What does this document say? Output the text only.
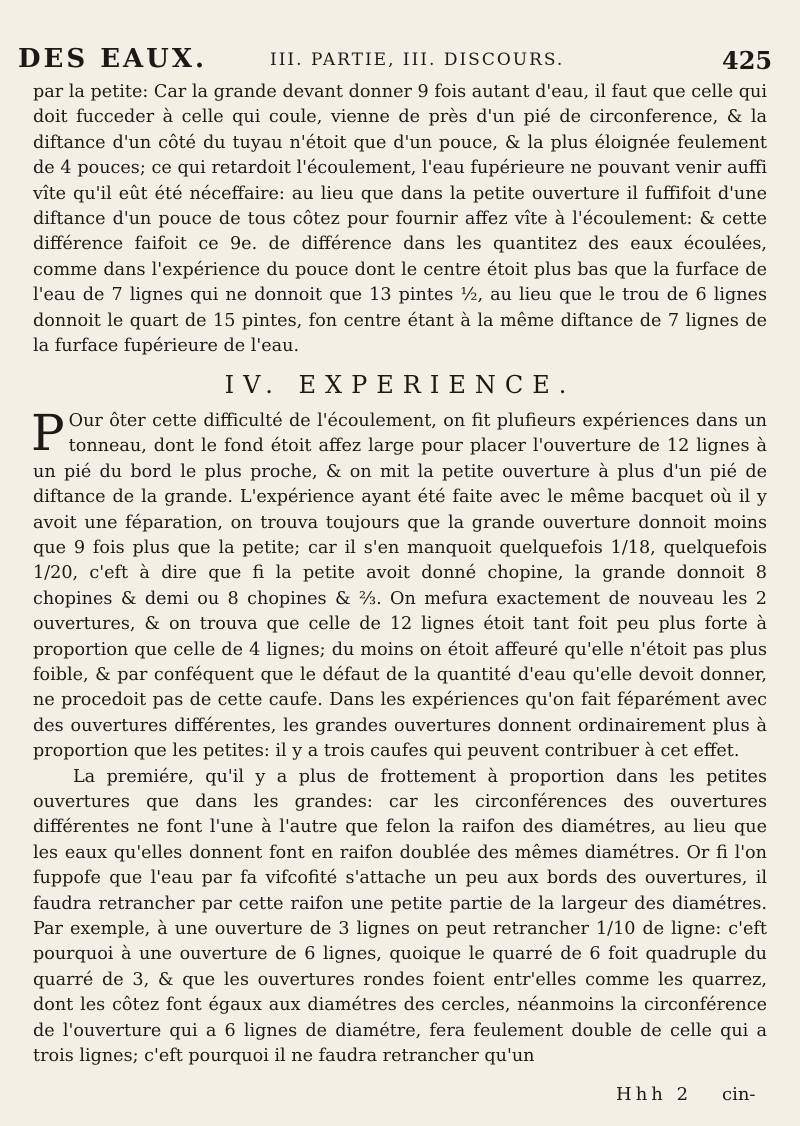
DES EAUX.	III. PARTIE, III. DISCOURS.	425

par la petite: Car la grande devant donner 9 fois autant d'eau, il faut que celle qui doit fucceder à celle qui coule, vienne de près d'un pié de circonference, & la diftance d'un côté du tuyau n'étoit que d'un pouce, & la plus éloignée feulement de 4 pouces; ce qui retardoit l'écoulement, l'eau fupérieure ne pouvant venir auffi vîte qu'il eût été néceffaire: au lieu que dans la petite ouverture il fuffifoit d'une diftance d'un pouce de tous côtez pour fournir affez vîte à l'écoulement: & cette différence faifoit ce 9e. de différence dans les quantitez des eaux écoulées, comme dans l'expérience du pouce dont le centre étoit plus bas que la furface de l'eau de 7 lignes qui ne donnoit que 13 pintes ½, au lieu que le trou de 6 lignes donnoit le quart de 15 pintes, fon centre étant à la même diftance de 7 lignes de la furface fupérieure de l'eau.

IV. EXPERIENCE.

POur ôter cette difficulté de l'écoulement, on fit plufieurs expériences dans un tonneau, dont le fond étoit affez large pour placer l'ouverture de 12 lignes à un pié du bord le plus proche, & on mit la petite ouverture à plus d'un pié de diftance de la grande. L'expérience ayant été faite avec le même bacquet où il y avoit une féparation, on trouva toujours que la grande ouverture donnoit moins que 9 fois plus que la petite; car il s'en manquoit quelquefois 1/18, quelquefois 1/20, c'eft à dire que fi la petite avoit donné chopine, la grande donnoit 8 chopines & demi ou 8 chopines & ⅔. On mefura exactement de nouveau les 2 ouvertures, & on trouva que celle de 12 lignes étoit tant foit peu plus forte à proportion que celle de 4 lignes; du moins on étoit affeuré qu'elle n'étoit pas plus foible, & par conféquent que le défaut de la quantité d'eau qu'elle devoit donner, ne procedoit pas de cette caufe. Dans les expériences qu'on fait féparément avec des ouvertures différentes, les grandes ouvertures donnent ordinairement plus à proportion que les petites: il y a trois caufes qui peuvent contribuer à cet effet.

La premiére, qu'il y a plus de frottement à proportion dans les petites ouvertures que dans les grandes: car les circonférences des ouvertures différentes ne font l'une à l'autre que felon la raifon des diamétres, au lieu que les eaux qu'elles donnent font en raifon doublée des mêmes diamétres. Or fi l'on fuppofe que l'eau par fa vifcofité s'attache un peu aux bords des ouvertures, il faudra retrancher par cette raifon une petite partie de la largeur des diamétres. Par exemple, à une ouverture de 3 lignes on peut retrancher 1/10 de ligne: c'eft pourquoi à une ouverture de 6 lignes, quoique le quarré de 6 foit quadruple du quarré de 3, & que les ouvertures rondes foient entr'elles comme les quarrez, dont les côtez font égaux aux diamétres des cercles, néanmoins la circonférence de l'ouverture qui a 6 lignes de diamétre, fera feulement double de celle qui a trois lignes; c'eft pourquoi il ne faudra retrancher qu'un

Hhh 2 cin-
